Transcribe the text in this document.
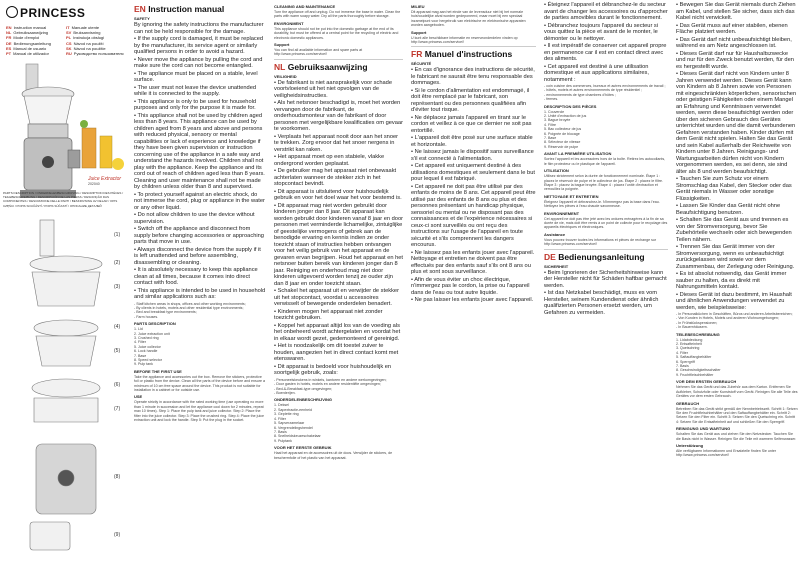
PRINCESS
EN Instruction manual	IT Manuale utente
NL Gebruiksaanwijzing	SV Bruksanvisning
FR Mode d'emploi	PL Instrukcja obsługi
DE Bedienungsanleitung	CS Návod na použití
ES Manual de usuario	SK Návod na použitie
PT Manual de utilizador	RU Руководство пользователя
Juice Extractor
202040
PARTS DESCRIPTION / ONDERDELENBESCHRIJVING / DESCRIPTION DES PIÈCES / TEILEBESCHREIBUNG / DESCRIPCIÓN DE LAS PIEZAS / DESCRIÇÃO DAS COMPONENTES / DESCRIZIONE DELLE PARTI / BESKRIVNING AV DELAR / OPIS CZĘŚCI / POPIS SOUČÁSTÍ / POPIS SÚČASTÍ / ОПИСАНИЕ ДЕТАЛЕЙ
(1)
(2)
(3)
(4)
(5)
(6)
(7)
(8)
(9)
EN Instruction manual
SAFETY

By ignoring the safety instructions the manufacturer can not be held responsible for the damage.

• If the supply cord is damaged, it must be replaced by the manufacturer, its service agent or similarly qualified persons in order to avoid a hazard.

• Never move the appliance by pulling the cord and make sure the cord can not become entangled.

• The appliance must be placed on a stable, level surface.

• The user must not leave the device unattended while it is connected to the supply.

• This appliance is only to be used for household purposes and only for the purpose it is made for.

• This appliance shall not be used by children aged less than 8 years. This appliance can be used by children aged from 8 years and above and persons with reduced physical, sensory or mental capabilities or lack of experience and knowledge if they have been given supervision or instruction concerning use of the appliance in a safe way and understand the hazards involved. Children shall not play with the appliance. Keep the appliance and its cord out of reach of children aged less than 8 years. Cleaning and user maintenance shall not be made by children unless older than 8 and supervised.

• To protect yourself against an electric shock, do not immerse the cord, plug or appliance in the water or any other liquid.

• Do not allow children to use the device without supervision.

• Switch off the appliance and disconnect from supply before changing accessories or approaching parts that move in use.

• Always disconnect the device from the supply if it is left unattended and before assembling, disassembling or cleaning.

• It is absolutely necessary to keep this appliance clean at all times, because it comes into direct contact with food.

• This appliance is intended to be used in household and similar applications such as:

- Staff kitchen areas in shops, offices and other working environments;

- By clients in hotels, motels and other residential type environments;

- Bed and breakfast type environments;

- Farm houses.

PARTS DESCRIPTION

1. Lid

2. Juice extraction unit

3. Crushed ring

4. Filter

5. Juice collector

6. Lock handle

7. Base

8. Speed selector

9. Pulp tank

BEFORE THE FIRST USE
Take the appliance and accessories out the box. Remove the stickers, protective foil or plastic from the device. Clean all the parts of the device before and ensure a minimum of 10 cm free space around the device. This product is not suitable for installation in a cabinet or for outside use.
USE
Operate strictly in accordance with the rated working time (use operating no more than 1 minute in succession and let the appliance cool down for 2 minutes, repeat max 10 times). Step 1: Place the pulp tank and juice collector. Step 2: Place the filter into the juice collector. Step 3: Place the crushed ring. Step 4: Place the juice extraction unit and lock the handle. Step 5: Put the plug in the socket.
CLEANING AND MAINTENANCE
Turn the appliance off and unplug. Do not immerse the base in water. Clean the parts with warm soapy water. Dry all the parts thoroughly before storage.
ENVIRONMENT
This appliance should not be put into the domestic garbage at the end of its durability, but must be offered at a central point for the recycling of electric and electronic domestic appliances.
Support
You can find all available information and spare parts at http://www.princess.com/service/!
NL Gebruiksaanwijzing
VEILIGHEID

• De fabrikant is niet aansprakelijk voor schade voortvloeiend uit het niet opvolgen van de veiligheidsinstructies.

• Als het netsnoer beschadigd is, moet het worden vervangen door de fabrikant, de onderhoudsmonteur van de fabrikant of door personen met vergelijkbare kwalificaties om gevaar te voorkomen.

• Verplaats het apparaat nooit door aan het snoer te trekken. Zorg ervoor dat het snoer nergens in verstrikt kan raken.

• Het apparaat moet op een stabiele, vlakke ondergrond worden geplaatst.

• De gebruiker mag het apparaat niet onbewaakt achterlaten wanneer de stekker zich in het stopcontact bevindt.

• Dit apparaat is uitsluitend voor huishoudelijk gebruik en voor het doel waar het voor bestemd is.

• Dit apparaat mag niet worden gebruikt door kinderen jonger dan 8 jaar. Dit apparaat kan worden gebruikt door kinderen vanaf 8 jaar en door personen met verminderde lichamelijke, zintuiglijke of geestelijke vermogens of gebrek aan de benodigde ervaring en kennis indien ze onder toezicht staan of instructies hebben ontvangen voor het veilig gebruik van het apparaat en de gevaren ervan begrijpen. Houd het apparaat en het netsnoer buiten bereik van kinderen jonger dan 8 jaar. Reiniging en onderhoud mag niet door kinderen uitgevoerd worden tenzij ze ouder zijn dan 8 jaar en onder toezicht staan.

• Schakel het apparaat uit en verwijder de stekker uit het stopcontact, voordat u accessoires verwisselt of bewegende onderdelen benadert.

• Kinderen mogen het apparaat niet zonder toezicht gebruiken.

• Koppel het apparaat altijd los van de voeding als het onbeheerd wordt achtergelaten en voordat het in elkaar wordt gezet, gedemonteerd of gereinigd.

• Het is noodzakelijk om dit toestel zuiver te houden, aangezien het in direct contact komt met etenswaren.

• Dit apparaat is bedoeld voor huishoudelijk en soortgelijk gebruik, zoals:

- Personeelskeukens in winkels, kantoren en andere werkomgevingen;

- Door gasten in hotels, motels en andere residentiële omgevingen;

- Bed-&-Breakfast-type omgevingen;

- Boerderijen.

ONDERDELENBESCHRIJVING

1. Deksel

2. Sapextractie-eenheid

3. Geplette ring

4. Filter

5. Sapverzamelaar

6. Vergrendelingshendel

7. Basis

8. Snelheidskeuzeschakelaar

9. Pulptank

VOOR HET EERSTE GEBRUIK
Haal het apparaat en de accessoires uit de doos. Verwijder de stickers, de beschermfolie of het plastic van het apparaat.
MILIEU
Dit apparaat mag aan het einde van de levensduur niet bij het normale huishoudelijke afval worden gedeponeerd, maar moet bij een speciaal inzamelpunt voor hergebruik van elektrische en elektronische apparaten worden aangeboden.
Support
U kunt alle beschikbare informatie en reserveonderdelen vinden op http://www.princess.com/service/!
FR Manuel d'instructions
SÉCURITÉ

• En cas d'ignorance des instructions de sécurité, le fabricant ne saurait être tenu responsable des dommages.

• Si le cordon d'alimentation est endommagé, il doit être remplacé par le fabricant, son représentant ou des personnes qualifiées afin d'éviter tout risque.

• Ne déplacez jamais l'appareil en tirant sur le cordon et veillez à ce que ce dernier ne soit pas entortillé.

• L'appareil doit être posé sur une surface stable et horizontale.

• Ne laissez jamais le dispositif sans surveillance s'il est connecté à l'alimentation.

• Cet appareil est uniquement destiné à des utilisations domestiques et seulement dans le but pour lequel il est fabriqué.

• Cet appareil ne doit pas être utilisé par des enfants de moins de 8 ans. Cet appareil peut être utilisé par des enfants de 8 ans ou plus et des personnes présentant un handicap physique, sensoriel ou mental ou ne disposant pas des connaissances et de l'expérience nécessaires si ceux-ci sont surveillés ou ont reçu des instructions sur l'usage de l'appareil en toute sécurité et s'ils comprennent les dangers encourus.

• Ne laissez pas les enfants jouer avec l'appareil. Nettoyage et entretien ne doivent pas être effectués par des enfants sauf s'ils ont 8 ans ou plus et sont sous surveillance.

• Afin de vous éviter un choc électrique, n'immergez pas le cordon, la prise ou l'appareil dans de l'eau ou tout autre liquide.

• Ne pas laisser les enfants jouer avec l'appareil.

• Éteignez l'appareil et débranchez-le du secteur avant de changer les accessoires ou d'approcher de parties amovibles durant le fonctionnement.

• Débranchez toujours l'appareil du secteur si vous quittez la pièce et avant de le monter, le démonter ou le nettoyer.

• Il est impératif de conserver cet appareil propre en permanence car il est en contact direct avec des aliments.

• Cet appareil est destiné à une utilisation domestique et aux applications similaires, notamment :

- coin cuisine des commerces, bureaux et autres environnements de travail ;

- hôtels, motels et autres environnements de type résidentiel ;

- environnements de type chambres d'hôtes ;

- fermes.

DESCRIPTION DES PIÈCES

1. Couvercle

2. Unité d'extraction de jus

3. Bague broyée

4. Filtre

5. Bac collecteur de jus

6. Poignée de blocage

7. Base

8. Sélecteur de vitesse

9. Réservoir de pulpe

AVANT LA PREMIÈRE UTILISATION
Sortez l'appareil et les accessoires hors de la boîte. Retirez les autocollants, le film protecteur ou le plastique de l'appareil.
UTILISATION
Utilisez strictement selon la durée de fonctionnement nominale. Étape 1 : placez le réservoir de pulpe et le collecteur de jus. Étape 2 : placez le filtre. Étape 3 : placez la bague broyée. Étape 4 : placez l'unité d'extraction et verrouillez la poignée.
NETTOYAGE ET ENTRETIEN
Éteignez l'appareil et débranchez-le. N'immergez pas la base dans l'eau. Nettoyez les pièces à l'eau chaude savonneuse.
ENVIRONNEMENT
Cet appareil ne doit pas être jeté avec les ordures ménagères à la fin de sa durée de vie, mais doit être remis à un point de collecte pour le recyclage des appareils électriques et électroniques.
Assistance
Vous pouvez trouver toutes les informations et pièces de rechange sur http://www.princess.com/service/!
DE Bedienungsanleitung
SICHERHEIT

• Beim Ignorieren der Sicherheitshinweise kann der Hersteller nicht für Schäden haftbar gemacht werden.

• Ist das Netzkabel beschädigt, muss es vom Hersteller, seinem Kundendienst oder ähnlich qualifizierten Personen ersetzt werden, um Gefahren zu vermeiden.

• Bewegen Sie das Gerät niemals durch Ziehen am Kabel, und stellen Sie sicher, dass sich das Kabel nicht verwickelt.

• Das Gerät muss auf einer stabilen, ebenen Fläche platziert werden.

• Das Gerät darf nicht unbeaufsichtigt bleiben, während es am Netz angeschlossen ist.

• Dieses Gerät darf nur für Haushaltszwecke und nur für den Zweck benutzt werden, für den es hergestellt wurde.

• Dieses Gerät darf nicht von Kindern unter 8 Jahren verwendet werden. Dieses Gerät kann von Kindern ab 8 Jahren sowie von Personen mit eingeschränkten körperlichen, sensorischen oder geistigen Fähigkeiten oder einem Mangel an Erfahrung und Kenntnissen verwendet werden, wenn diese beaufsichtigt werden oder über den sicheren Gebrauch des Gerätes unterrichtet wurden und die damit verbundenen Gefahren verstanden haben. Kinder dürfen mit dem Gerät nicht spielen. Halten Sie das Gerät und sein Kabel außerhalb der Reichweite von Kindern unter 8 Jahren. Reinigungs- und Wartungsarbeiten dürfen nicht von Kindern vorgenommen werden, es sei denn, sie sind älter als 8 und werden beaufsichtigt.

• Tauchen Sie zum Schutz vor einem Stromschlag das Kabel, den Stecker oder das Gerät niemals in Wasser oder sonstige Flüssigkeiten.

• Lassen Sie Kinder das Gerät nicht ohne Beaufsichtigung benutzen.

• Schalten Sie das Gerät aus und trennen es von der Stromversorgung, bevor Sie Zubehörteile wechseln oder sich bewegenden Teilen nähern.

• Trennen Sie das Gerät immer von der Stromversorgung, wenn es unbeaufsichtigt zurückgelassen wird sowie vor dem Zusammenbau, der Zerlegung oder Reinigung.

• Es ist absolut notwendig, das Gerät immer sauber zu halten, da es direkt mit Nahrungsmitteln kontakt.

• Dieses Gerät ist dazu bestimmt, im Haushalt und ähnlichen Anwendungen verwendet zu werden, wie beispielsweise:

- In Personalküchen in Geschäften, Büros und anderen Arbeitsbereichen;

- Von Kunden in Hotels, Motels und anderen Wohnumgebungen;

- In Frühstückspensionen;

- In Bauernhäusern.

TEILEBESCHREIBUNG

1. Lidabdeckung

2. Entsafteinheit

3. Quetschring

4. Filter

5. Saftauffangbehälter

6. Sperrgriff

7. Basis

8. Geschwindigkeitsschalter

9. Fruchtfleischbehälter

VOR DEM ERSTEN GEBRAUCH
Nehmen Sie das Gerät und das Zubehör aus dem Karton. Entfernen Sie Aufkleber, Schutzfolie oder Kunststoff vom Gerät. Reinigen Sie alle Teile des Gerätes vor dem ersten Gebrauch.
GEBRAUCH
Betreiben Sie das Gerät strikt gemäß der Nennbetriebszeit. Schritt 1: Setzen Sie den Fruchtfleischbehälter und den Saftauffangbehälter ein. Schritt 2: Setzen Sie den Filter ein. Schritt 3: Setzen Sie den Quetschring ein. Schritt 4: Setzen Sie die Entsafteinheit auf und schließen Sie den Sperrgriff.
REINIGUNG UND WARTUNG
Schalten Sie das Gerät aus und ziehen Sie den Netzstecker. Tauchen Sie die Basis nicht in Wasser. Reinigen Sie die Teile mit warmem Seifenwasser.
Unterstützung
Alle verfügbaren Informationen und Ersatzteile finden Sie unter http://www.princess.com/service/!
